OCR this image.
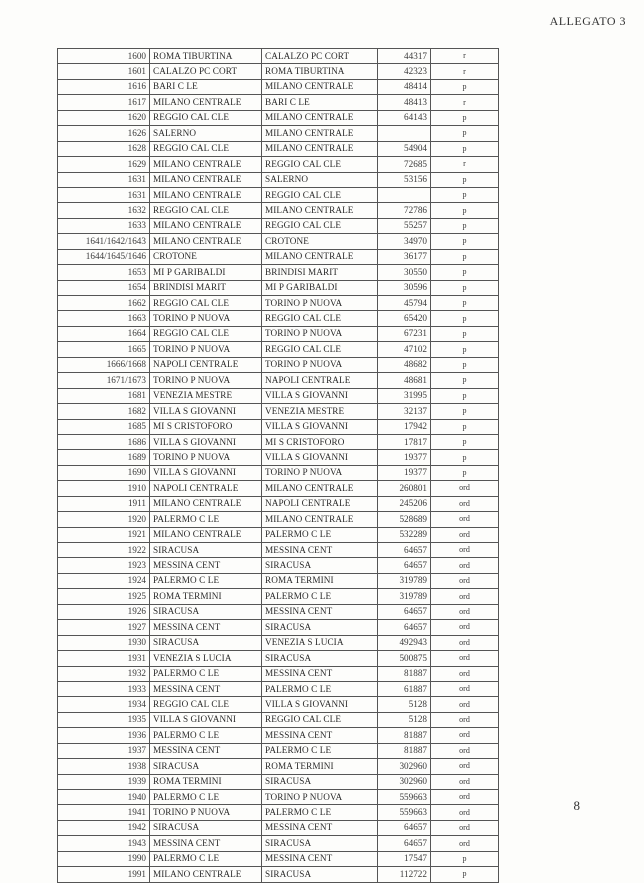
ALLEGATO 3
1600	ROMA TIBURTINA	CALALZO PC CORT	44317	r
1601	CALALZO PC CORT	ROMA TIBURTINA	42323	r
1616	BARI C LE	MILANO CENTRALE	48414	p
1617	MILANO CENTRALE	BARI C LE	48413	r
1620	REGGIO CAL CLE	MILANO CENTRALE	64143	p
1626	SALERNO	MILANO CENTRALE		p
1628	REGGIO CAL CLE	MILANO CENTRALE	54904	p
1629	MILANO CENTRALE	REGGIO CAL CLE	72685	r
1631	MILANO CENTRALE	SALERNO	53156	p
1631	MILANO CENTRALE	REGGIO CAL CLE		p
1632	REGGIO CAL CLE	MILANO CENTRALE	72786	p
1633	MILANO CENTRALE	REGGIO CAL CLE	55257	p
1641/1642/1643	MILANO CENTRALE	CROTONE	34970	p
1644/1645/1646	CROTONE	MILANO CENTRALE	36177	p
1653	MI P GARIBALDI	BRINDISI MARIT	30550	p
1654	BRINDISI MARIT	MI P GARIBALDI	30596	p
1662	REGGIO CAL CLE	TORINO P NUOVA	45794	p
1663	TORINO P NUOVA	REGGIO CAL CLE	65420	p
1664	REGGIO CAL CLE	TORINO P NUOVA	67231	p
1665	TORINO P NUOVA	REGGIO CAL CLE	47102	p
1666/1668	NAPOLI CENTRALE	TORINO P NUOVA	48682	p
1671/1673	TORINO P NUOVA	NAPOLI CENTRALE	48681	p
1681	VENEZIA MESTRE	VILLA S GIOVANNI	31995	p
1682	VILLA S GIOVANNI	VENEZIA MESTRE	32137	p
1685	MI S CRISTOFORO	VILLA S GIOVANNI	17942	p
1686	VILLA S GIOVANNI	MI S CRISTOFORO	17817	p
1689	TORINO P NUOVA	VILLA S GIOVANNI	19377	p
1690	VILLA S GIOVANNI	TORINO P NUOVA	19377	p
1910	NAPOLI CENTRALE	MILANO CENTRALE	260801	ord
1911	MILANO CENTRALE	NAPOLI CENTRALE	245206	ord
1920	PALERMO C LE	MILANO CENTRALE	528689	ord
1921	MILANO CENTRALE	PALERMO C LE	532289	ord
1922	SIRACUSA	MESSINA CENT	64657	ord
1923	MESSINA CENT	SIRACUSA	64657	ord
1924	PALERMO C LE	ROMA TERMINI	319789	ord
1925	ROMA TERMINI	PALERMO C LE	319789	ord
1926	SIRACUSA	MESSINA CENT	64657	ord
1927	MESSINA CENT	SIRACUSA	64657	ord
1930	SIRACUSA	VENEZIA S LUCIA	492943	ord
1931	VENEZIA S LUCIA	SIRACUSA	500875	ord
1932	PALERMO C LE	MESSINA CENT	81887	ord
1933	MESSINA CENT	PALERMO C LE	61887	ord
1934	REGGIO CAL CLE	VILLA S GIOVANNI	5128	ord
1935	VILLA S GIOVANNI	REGGIO CAL CLE	5128	ord
1936	PALERMO C LE	MESSINA CENT	81887	ord
1937	MESSINA CENT	PALERMO C LE	81887	ord
1938	SIRACUSA	ROMA TERMINI	302960	ord
1939	ROMA TERMINI	SIRACUSA	302960	ord
1940	PALERMO C LE	TORINO P NUOVA	559663	ord
1941	TORINO P NUOVA	PALERMO C LE	559663	ord
1942	SIRACUSA	MESSINA CENT	64657	ord
1943	MESSINA CENT	SIRACUSA	64657	ord
1990	PALERMO C LE	MESSINA CENT	17547	p
1991	MILANO CENTRALE	SIRACUSA	112722	p
8
